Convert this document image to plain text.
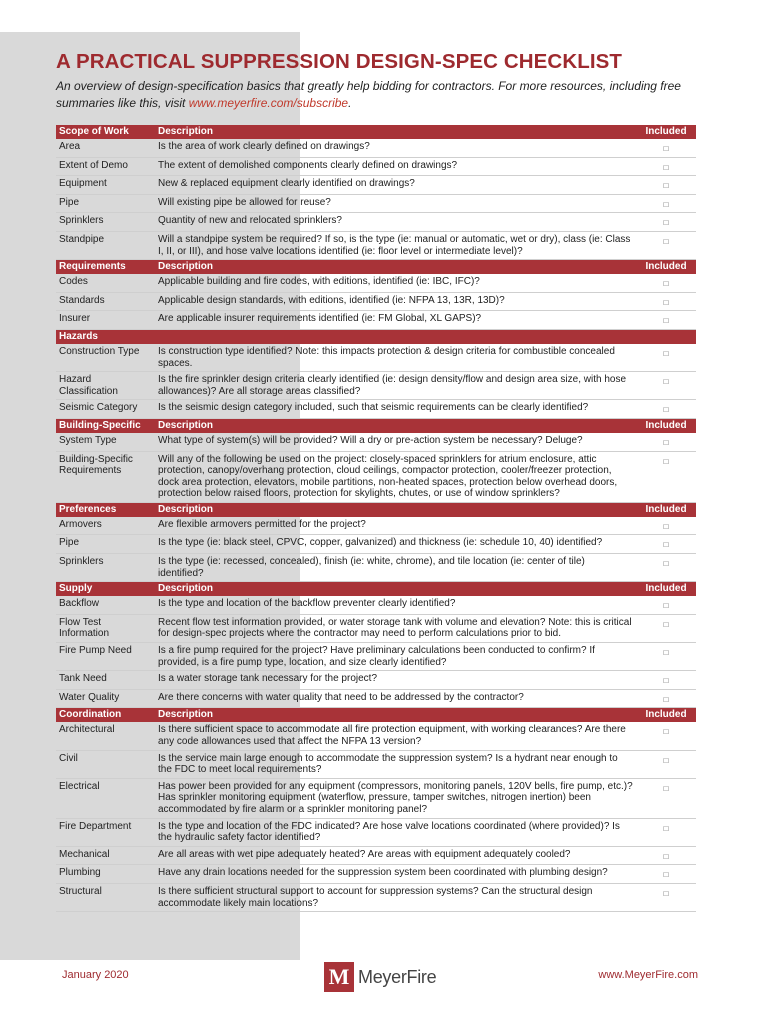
A PRACTICAL SUPPRESSION DESIGN-SPEC CHECKLIST

An overview of design-specification basics that greatly help bidding for contractors. For more resources, including free summaries like this, visit www.meyerfire.com/subscribe.

Scope of Work	Description	Included
Area	Is the area of work clearly defined on drawings?	□
Extent of Demo	The extent of demolished components clearly defined on drawings?	□
Equipment	New & replaced equipment clearly identified on drawings?	□
Pipe	Will existing pipe be allowed for reuse?	□
Sprinklers	Quantity of new and relocated sprinklers?	□
Standpipe	Will a standpipe system be required? If so, is the type (ie: manual or automatic, wet or dry), class (ie: Class I, II, or III), and hose valve locations identified (ie: floor level or intermediate level)?	□
Requirements	Description	Included
Codes	Applicable building and fire codes, with editions, identified (ie: IBC, IFC)?	□
Standards	Applicable design standards, with editions, identified (ie: NFPA 13, 13R, 13D)?	□
Insurer	Are applicable insurer requirements identified (ie: FM Global, XL GAPS)?	□
Hazards		
Construction Type	Is construction type identified? Note: this impacts protection & design criteria for combustible concealed spaces.	□
Hazard Classification	Is the fire sprinkler design criteria clearly identified (ie: design density/flow and design area size, with hose allowances)? Are all storage areas classified?	□
Seismic Category	Is the seismic design category included, such that seismic requirements can be clearly identified?	□
Building-Specific	Description	Included
System Type	What type of system(s) will be provided? Will a dry or pre-action system be necessary? Deluge?	□
Building-Specific Requirements	Will any of the following be used on the project: closely-spaced sprinklers for atrium enclosure, attic protection, canopy/overhang protection, cloud ceilings, compactor protection, cooler/freezer protection, dock area protection, elevators, mobile partitions, non-heated spaces, protection below overhead doors, protection below raised floors, protection for skylights, chutes, or use of window sprinklers?	□
Preferences	Description	Included
Armovers	Are flexible armovers permitted for the project?	□
Pipe	Is the type (ie: black steel, CPVC, copper, galvanized) and thickness (ie: schedule 10, 40) identified?	□
Sprinklers	Is the type (ie: recessed, concealed), finish (ie: white, chrome), and tile location (ie: center of tile) identified?	□
Supply	Description	Included
Backflow	Is the type and location of the backflow preventer clearly identified?	□
Flow Test Information	Recent flow test information provided, or water storage tank with volume and elevation? Note: this is critical for design-spec projects where the contractor may need to perform calculations prior to bid.	□
Fire Pump Need	Is a fire pump required for the project? Have preliminary calculations been conducted to confirm? If provided, is a fire pump type, location, and size clearly identified?	□
Tank Need	Is a water storage tank necessary for the project?	□
Water Quality	Are there concerns with water quality that need to be addressed by the contractor?	□
Coordination	Description	Included
Architectural	Is there sufficient space to accommodate all fire protection equipment, with working clearances? Are there any code allowances used that affect the NFPA 13 version?	□
Civil	Is the service main large enough to accommodate the suppression system? Is a hydrant near enough to the FDC to meet local requirements?	□
Electrical	Has power been provided for any equipment (compressors, monitoring panels, 120V bells, fire pump, etc.)? Has sprinkler monitoring equipment (waterflow, pressure, tamper switches, nitrogen inertion) been accommodated by fire alarm or a sprinkler monitoring panel?	□
Fire Department	Is the type and location of the FDC indicated? Are hose valve locations coordinated (where provided)? Is the hydraulic safety factor identified?	□
Mechanical	Are all areas with wet pipe adequately heated? Are areas with equipment adequately cooled?	□
Plumbing	Have any drain locations needed for the suppression system been coordinated with plumbing design?	□
Structural	Is there sufficient structural support to account for suppression systems? Can the structural design accommodate likely main locations?	□
January 2020	M MeyerFire	www.MeyerFire.com
